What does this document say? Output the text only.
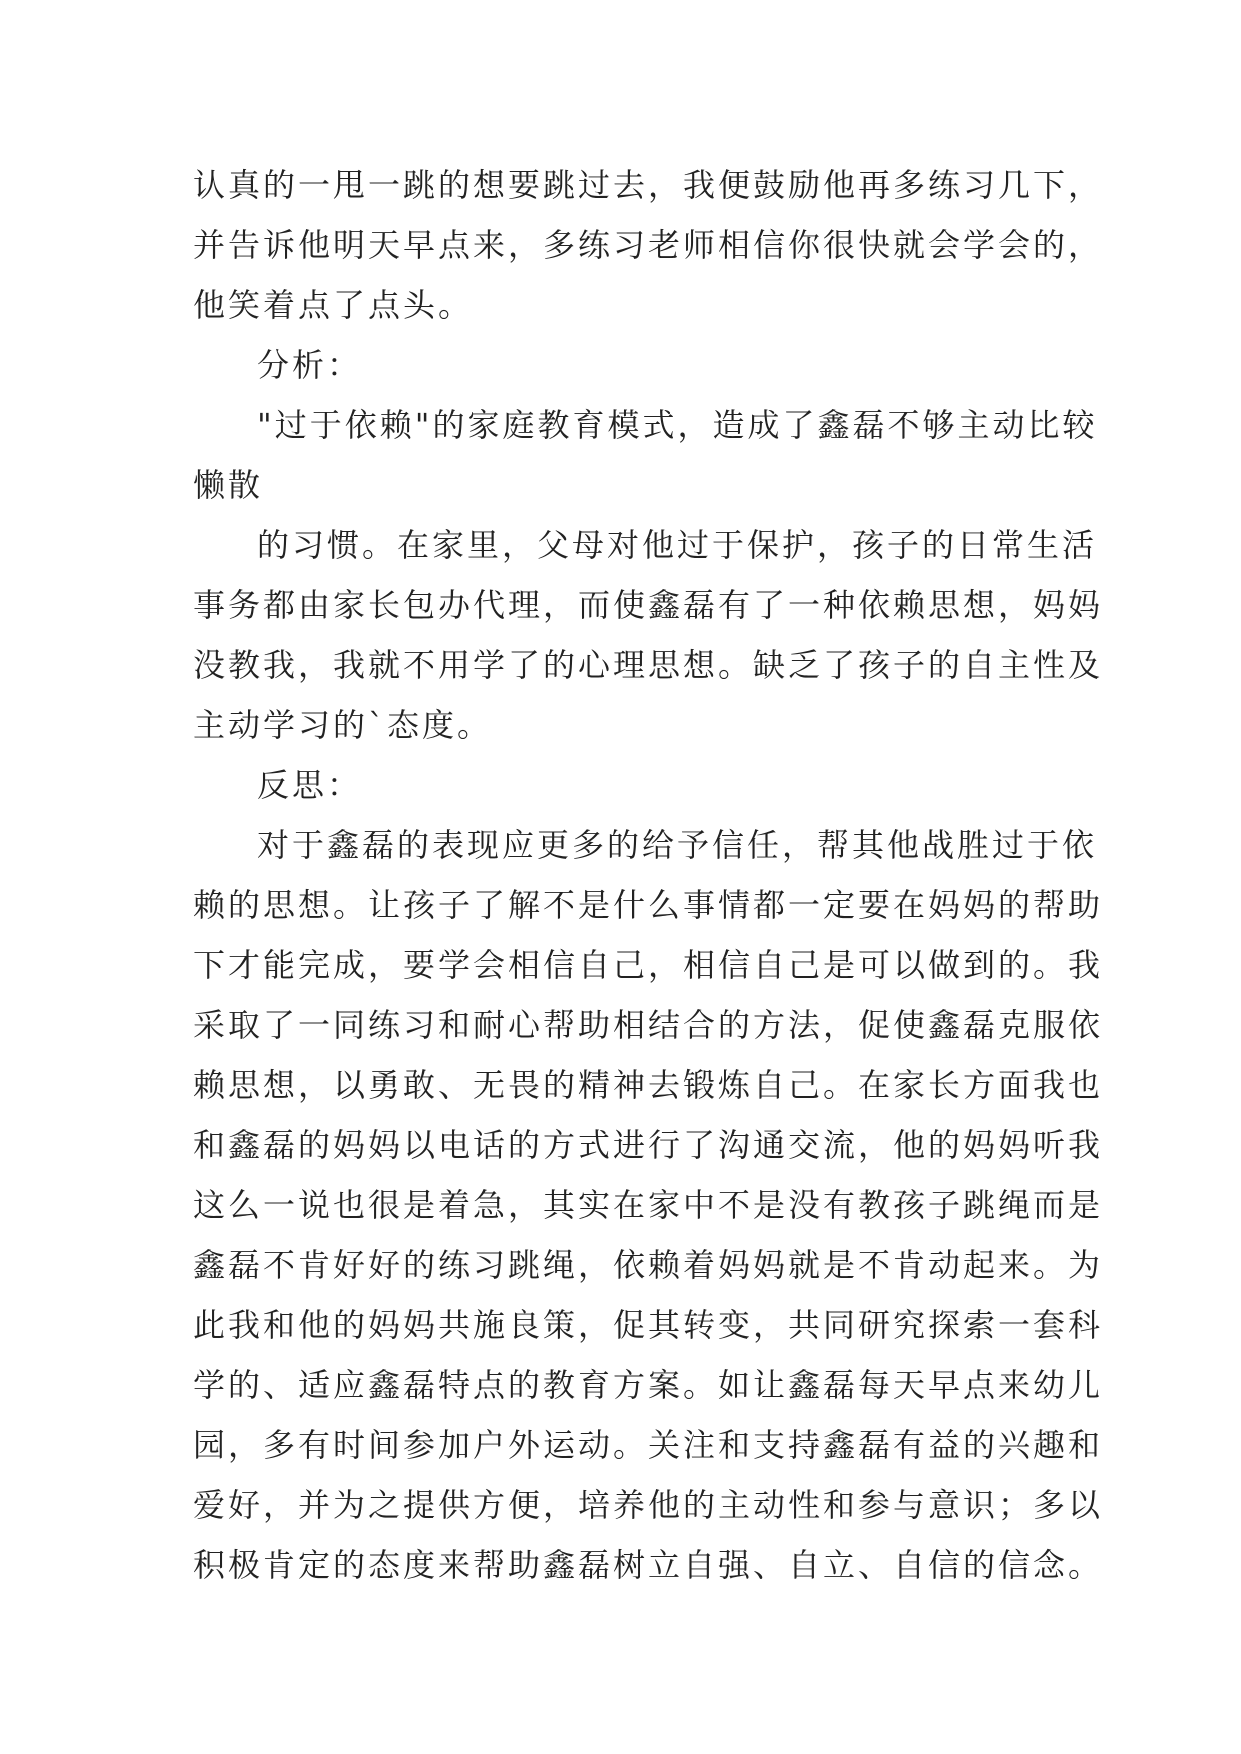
认真的一甩一跳的想要跳过去，我便鼓励他再多练习几下，
并告诉他明天早点来，多练习老师相信你很快就会学会的，
他笑着点了点头。
分析：
"过于依赖"的家庭教育模式，造成了鑫磊不够主动比较
懒散
的习惯。在家里，父母对他过于保护，孩子的日常生活
事务都由家长包办代理，而使鑫磊有了一种依赖思想，妈妈
没教我，我就不用学了的心理思想。缺乏了孩子的自主性及
主动学习的`态度。
反思：
对于鑫磊的表现应更多的给予信任，帮其他战胜过于依
赖的思想。让孩子了解不是什么事情都一定要在妈妈的帮助
下才能完成，要学会相信自己，相信自己是可以做到的。我
采取了一同练习和耐心帮助相结合的方法，促使鑫磊克服依
赖思想，以勇敢、无畏的精神去锻炼自己。在家长方面我也
和鑫磊的妈妈以电话的方式进行了沟通交流，他的妈妈听我
这么一说也很是着急，其实在家中不是没有教孩子跳绳而是
鑫磊不肯好好的练习跳绳，依赖着妈妈就是不肯动起来。为
此我和他的妈妈共施良策，促其转变，共同研究探索一套科
学的、适应鑫磊特点的教育方案。如让鑫磊每天早点来幼儿
园，多有时间参加户外运动。关注和支持鑫磊有益的兴趣和
爱好，并为之提供方便，培养他的主动性和参与意识；多以
积极肯定的态度来帮助鑫磊树立自强、自立、自信的信念。
